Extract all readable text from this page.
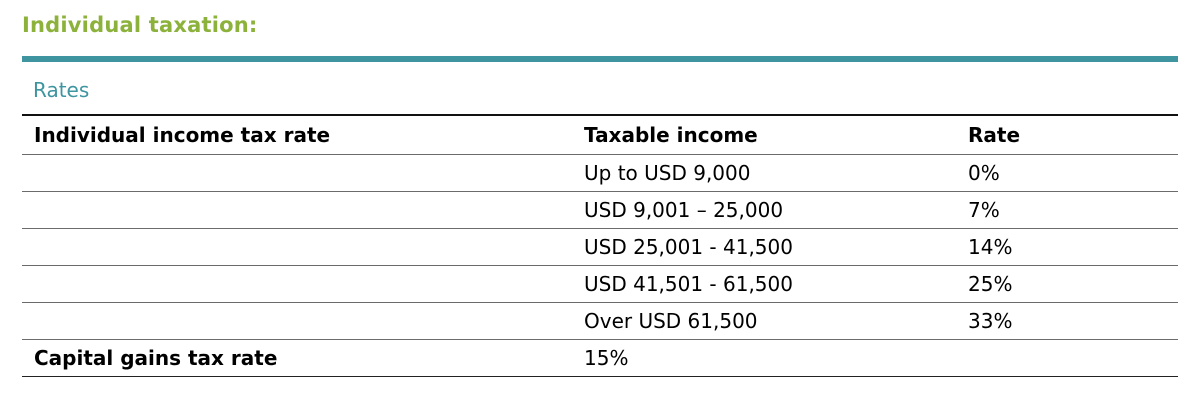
Individual taxation:
Rates
Individual income tax rate	Taxable income	Rate
	Up to USD 9,000	0%
	USD 9,001 – 25,000	7%
	USD 25,001 - 41,500	14%
	USD 41,501 - 61,500	25%
	Over USD 61,500	33%
Capital gains tax rate	15%	
